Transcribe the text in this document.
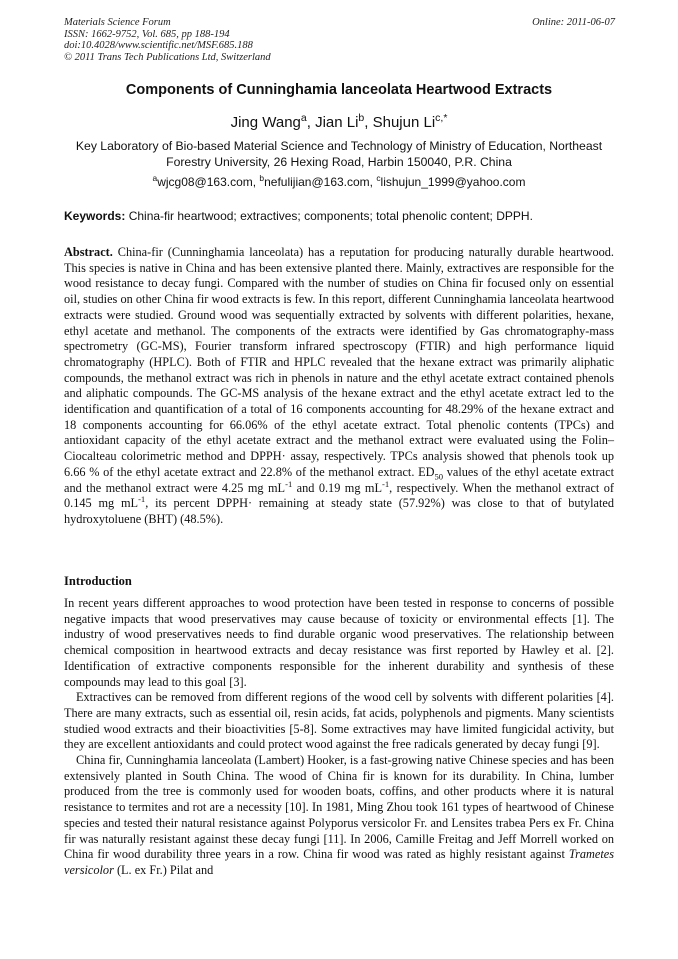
Materials Science Forum
ISSN: 1662-9752, Vol. 685, pp 188-194
doi:10.4028/www.scientific.net/MSF.685.188
© 2011 Trans Tech Publications Ltd, Switzerland
Online: 2011-06-07
Components of Cunninghamia lanceolata Heartwood Extracts
Jing Wang$^a$, Jian Li$^b$, Shujun $Li^{c,*}$
Key Laboratory of Bio-based Material Science and Technology of Ministry of Education, Northeast Forestry University, 26 Hexing Road, Harbin 150040, P.R. China
$^a$wjcg08@163.com, $^b$nefulijian@163.com, $^c$lishujun_1999@yahoo.com
Keywords: China-fir heartwood; extractives; components; total phenolic content; DPPH.
Abstract. China-fir (Cunninghamia lanceolata) has a reputation for producing naturally durable heartwood. This species is native in China and has been extensive planted there. Mainly, extractives are responsible for the wood resistance to decay fungi. Compared with the number of studies on China fir focused only on essential oil, studies on other China fir wood extracts is few. In this report, different Cunninghamia lanceolata heartwood extracts were studied. Ground wood was sequentially extracted by solvents with different polarities, hexane, ethyl acetate and methanol. The components of the extracts were identified by Gas chromatography-mass spectrometry (GC-MS), Fourier transform infrared spectroscopy (FTIR) and high performance liquid chromatography (HPLC). Both of FTIR and HPLC revealed that the hexane extract was primarily aliphatic compounds, the methanol extract was rich in phenols in nature and the ethyl acetate extract contained phenols and aliphatic compounds. The GC-MS analysis of the hexane extract and the ethyl acetate extract led to the identification and quantification of a total of 16 components accounting for 48.29% of the hexane extract and 18 components accounting for 66.06% of the ethyl acetate extract. Total phenolic contents (TPCs) and antioxidant capacity of the ethyl acetate extract and the methanol extract were evaluated using the Folin–Ciocalteau colorimetric method and DPPH· assay, respectively. TPCs analysis showed that phenols took up 6.66 % of the ethyl acetate extract and 22.8% of the methanol extract. $ED_{50}$ values of the ethyl acetate extract and the methanol extract were 4.25 mg $mL^{-1}$ and 0.19 mg $mL^{-1}$, respectively. When the methanol extract of 0.145 mg $mL^{-1}$, its percent DPPH· remaining at steady state (57.92%) was close to that of butylated hydroxytoluene (BHT) (48.5%).
Introduction

In recent years different approaches to wood protection have been tested in response to concerns of possible negative impacts that wood preservatives may cause because of toxicity or environmental effects [1]. The industry of wood preservatives needs to find durable organic wood preservatives. The relationship between chemical composition in heartwood extracts and decay resistance was first reported by Hawley et al. [2]. Identification of extractive components responsible for the inherent durability and synthesis of these compounds may lead to this goal [3].

Extractives can be removed from different regions of the wood cell by solvents with different polarities [4]. There are many extracts, such as essential oil, resin acids, fat acids, polyphenols and pigments. Many scientists studied wood extracts and their bioactivities [5-8]. Some extractives may have limited fungicidal activity, but they are excellent antioxidants and could protect wood against the free radicals generated by decay fungi [9].

China fir, Cunninghamia lanceolata (Lambert) Hooker, is a fast-growing native Chinese species and has been extensively planted in South China. The wood of China fir is known for its durability. In China, lumber produced from the tree is commonly used for wooden boats, coffins, and other products where it is natural resistance to termites and rot are a necessity [10]. In 1981, Ming Zhou took 161 types of heartwood of Chinese species and tested their natural resistance against Polyporus versicolor Fr. and Lensites trabea Pers ex Fr. China fir was naturally resistant against these decay fungi [11]. In 2006, Camille Freitag and Jeff Morrell worked on China fir wood durability three years in a row. China fir wood was rated as highly resistant against Trametes versicolor (L. ex Fr.) Pilat and
